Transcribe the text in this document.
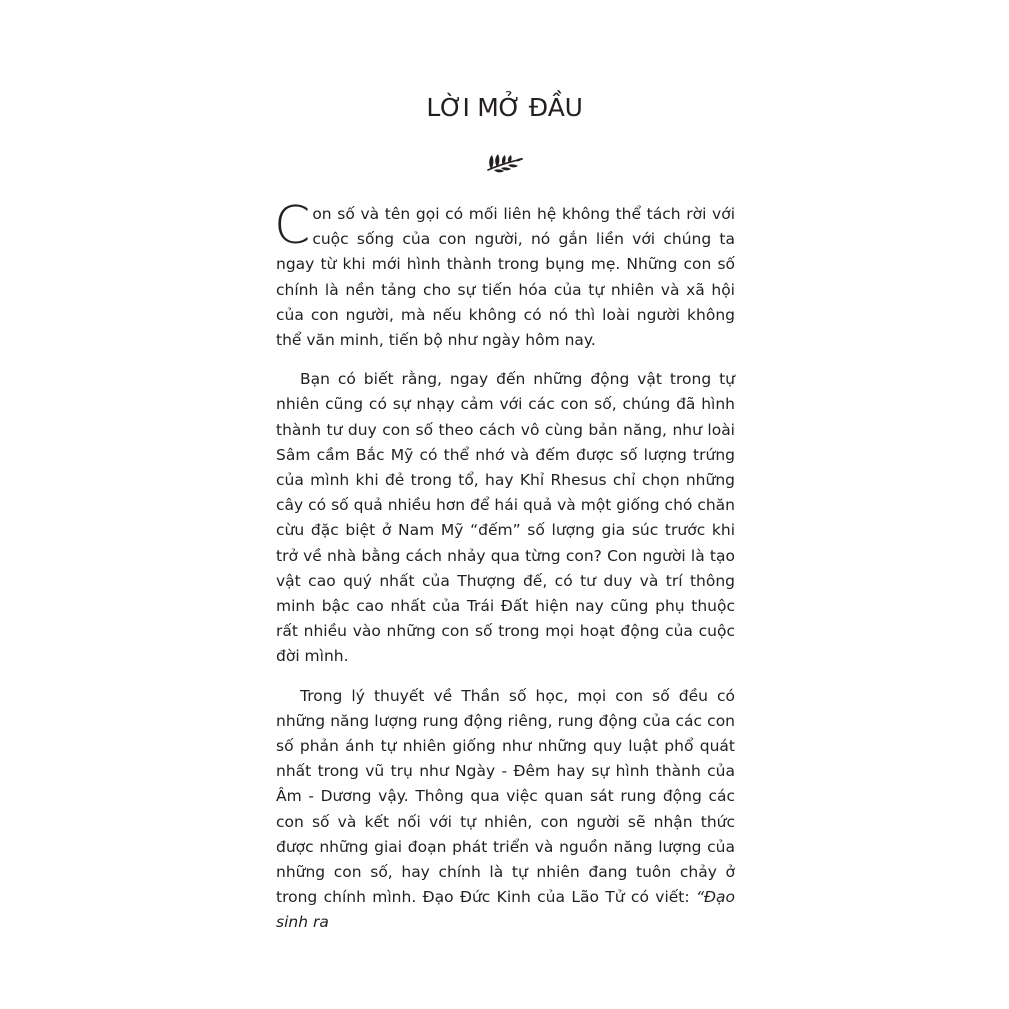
LỜI MỞ ĐẦU

Con số và tên gọi có mối liên hệ không thể tách rời với cuộc sống của con người, nó gắn liền với chúng ta ngay từ khi mới hình thành trong bụng mẹ. Những con số chính là nền tảng cho sự tiến hóa của tự nhiên và xã hội của con người, mà nếu không có nó thì loài người không thể văn minh, tiến bộ như ngày hôm nay.

Bạn có biết rằng, ngay đến những động vật trong tự nhiên cũng có sự nhạy cảm với các con số, chúng đã hình thành tư duy con số theo cách vô cùng bản năng, như loài Sâm cầm Bắc Mỹ có thể nhớ và đếm được số lượng trứng của mình khi đẻ trong tổ, hay Khỉ Rhesus chỉ chọn những cây có số quả nhiều hơn để hái quả và một giống chó chăn cừu đặc biệt ở Nam Mỹ “đếm” số lượng gia súc trước khi trở về nhà bằng cách nhảy qua từng con? Con người là tạo vật cao quý nhất của Thượng đế, có tư duy và trí thông minh bậc cao nhất của Trái Đất hiện nay cũng phụ thuộc rất nhiều vào những con số trong mọi hoạt động của cuộc đời mình.

Trong lý thuyết về Thần số học, mọi con số đều có những năng lượng rung động riêng, rung động của các con số phản ánh tự nhiên giống như những quy luật phổ quát nhất trong vũ trụ như Ngày - Đêm hay sự hình thành của Âm - Dương vậy. Thông qua việc quan sát rung động các con số và kết nối với tự nhiên, con người sẽ nhận thức được những giai đoạn phát triển và nguồn năng lượng của những con số, hay chính là tự nhiên đang tuôn chảy ở trong chính mình. Đạo Đức Kinh của Lão Tử có viết: “Đạo sinh ra
